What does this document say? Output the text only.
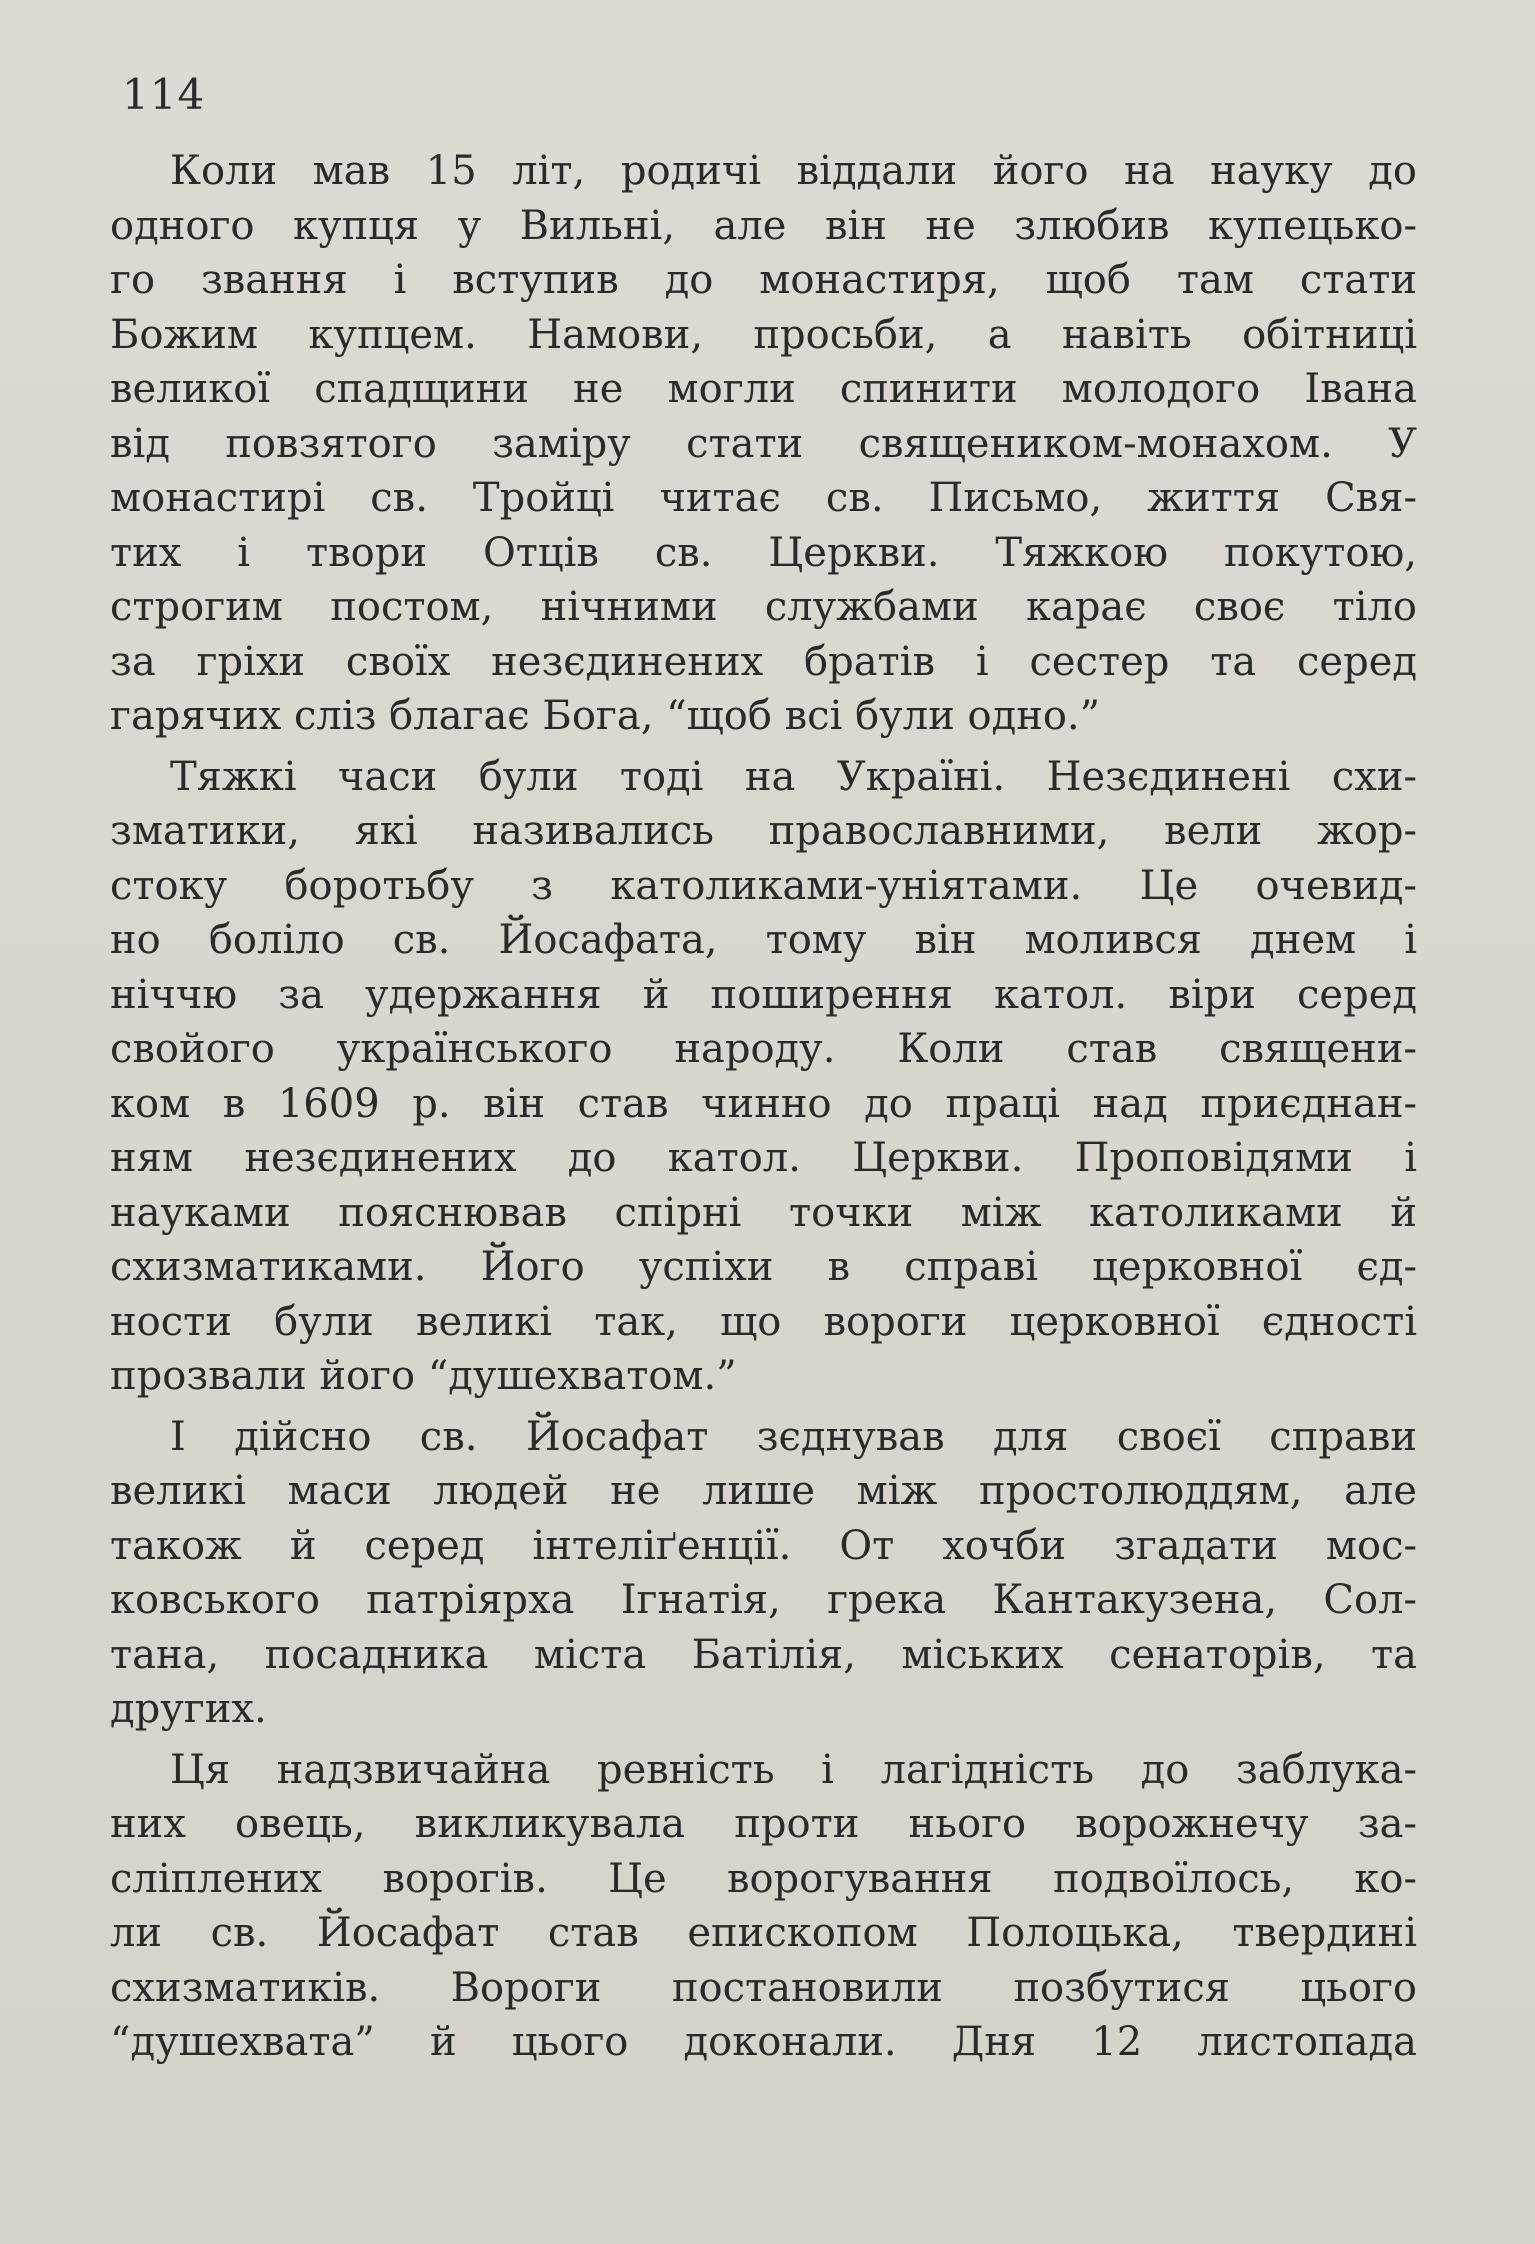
114
Коли мав 15 літ, родичі віддали його на науку до
одного купця у Вильні, але він не злюбив купецько-
го звання і вступив до монастиря, щоб там стати
Божим купцем. Намови, просьби, а навіть обітниці
великої спадщини не могли спинити молодого Івана
від повзятого заміру стати священиком-монахом. У
монастирі св. Тройці читає св. Письмо, життя Свя-
тих і твори Отців св. Церкви. Тяжкою покутою,
строгим постом, нічними службами карає своє тіло
за гріхи своїх незєдинених братів і сестер та серед
гарячих сліз благає Бога, “щоб всі були одно.”
Тяжкі часи були тоді на Україні. Незєдинені схи-
зматики, які називались православними, вели жор-
стоку боротьбу з католиками-уніятами. Це очевид-
но боліло св. Йосафата, тому він молився днем і
ніччю за удержання й поширення катол. віри серед
свойого українського народу. Коли став священи-
ком в 1609 р. він став чинно до праці над приєднан-
ням незєдинених до катол. Церкви. Проповідями і
науками пояснював спірні точки між католиками й
схизматиками. Його успіхи в справі церковної єд-
ности були великі так, що вороги церковної єдності
прозвали його “душехватом.”
І дійсно св. Йосафат зєднував для своєї справи
великі маси людей не лише між простолюддям, але
також й серед інтеліґенції. От хочби згадати мос-
ковського патріярха Ігнатія, грека Кантакузена, Сол-
тана, посадника міста Батілія, міських сенаторів, та
других.
Ця надзвичайна ревність і лагідність до заблука-
них овець, викликувала проти нього ворожнечу за-
сліплених ворогів. Це ворогування подвоїлось, ко-
ли св. Йосафат став епископом Полоцька, твердині
схизматиків. Вороги постановили позбутися цього
“душехвата” й цього доконали. Дня 12 листопада
